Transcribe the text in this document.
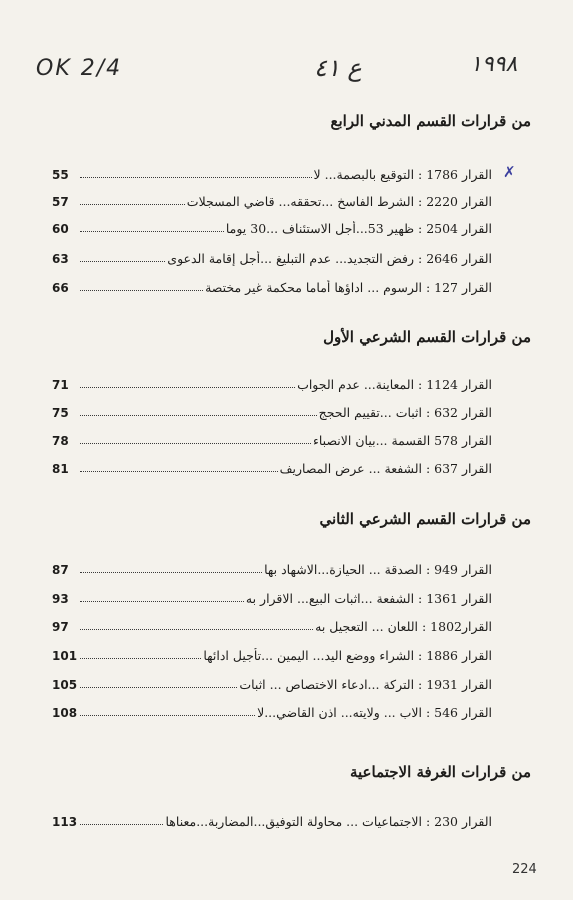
OK 2/4	ع ٤١	١٩٩٨
✗
من قرارات القسم المدني الرابع
55	القرار 1786 : التوقيع بالبصمة... لا
57	القرار 2220 : الشرط الفاسخ ...تحققه... قاضي المسجلات
60	القرار 2504 : ظهير 53...أجل الاستئناف ...30 يوما
63	القرار 2646 : رفض التجديد... عدم التبليغ ...أجل إقامة الدعوى
66	القرار 127 : الرسوم ... اداؤها أماما محكمة غير مختصة
من قرارات القسم الشرعي الأول
71	القرار 1124 : المعاينة... عدم الجواب
75	القرار 632 : اثبات ...تقييم الحجج
78	القرار 578 القسمة ...بيان الانصباء
81	القرار 637 : الشفعة ... عرض المصاريف
من قرارات القسم الشرعي الثاني
87	القرار 949 : الصدقة ... الحيازة...الاشهاد بها
93	القرار 1361 : الشفعة ...اثبات البيع... الاقرار به
97	القرار1802 : اللعان ... التعجيل به
101	القرار 1886 : الشراء ووضع اليد... اليمين ...تأجيل ادائها
105	القرار 1931 : التركة ...ادعاء الاختصاص ... اثبات
108	القرار 546 : الاب ... ولايته... اذن القاضي...لا
من قرارات الغرفة الاجتماعية
113	القرار 230 : الاجتماعيات ... محاولة التوفيق...المضاربة...معناها
224
